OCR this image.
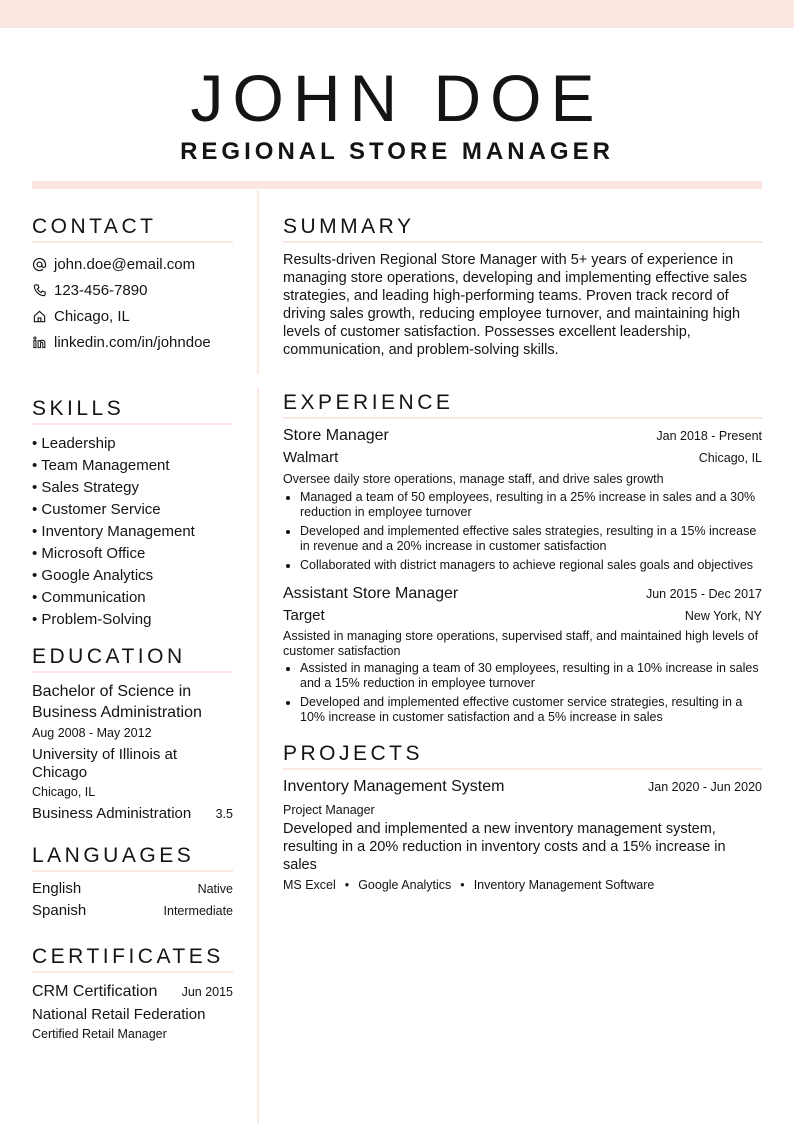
JOHN DOE
REGIONAL STORE MANAGER
CONTACT
john.doe@email.com
123-456-7890
Chicago, IL
linkedin.com/in/johndoe
SKILLS
• Leadership
• Team Management
• Sales Strategy
• Customer Service
• Inventory Management
• Microsoft Office
• Google Analytics
• Communication
• Problem-Solving
EDUCATION
Bachelor of Science in Business Administration
Aug 2008 - May 2012
University of Illinois at Chicago
Chicago, IL
Business Administration 3.5
LANGUAGES
English	Native
Spanish	Intermediate
CERTIFICATES
CRM Certification Jun 2015
National Retail Federation
Certified Retail Manager
SUMMARY
Results-driven Regional Store Manager with 5+ years of experience in managing store operations, developing and implementing effective sales strategies, and leading high-performing teams. Proven track record of driving sales growth, reducing employee turnover, and maintaining high levels of customer satisfaction. Possesses excellent leadership, communication, and problem-solving skills.
EXPERIENCE
Store Manager	Jan 2018 - Present
Walmart	Chicago, IL
Oversee daily store operations, manage staff, and drive sales growth
• Managed a team of 50 employees, resulting in a 25% increase in sales and a 30% reduction in employee turnover
• Developed and implemented effective sales strategies, resulting in a 15% increase in revenue and a 20% increase in customer satisfaction
• Collaborated with district managers to achieve regional sales goals and objectives
Assistant Store Manager	Jun 2015 - Dec 2017
Target	New York, NY
Assisted in managing store operations, supervised staff, and maintained high levels of customer satisfaction
• Assisted in managing a team of 30 employees, resulting in a 10% increase in sales and a 15% reduction in employee turnover
• Developed and implemented effective customer service strategies, resulting in a 10% increase in customer satisfaction and a 5% increase in sales
PROJECTS
Inventory Management System	Jan 2020 - Jun 2020
Project Manager
Developed and implemented a new inventory management system, resulting in a 20% reduction in inventory costs and a 15% increase in sales
MS Excel • Google Analytics • Inventory Management Software
